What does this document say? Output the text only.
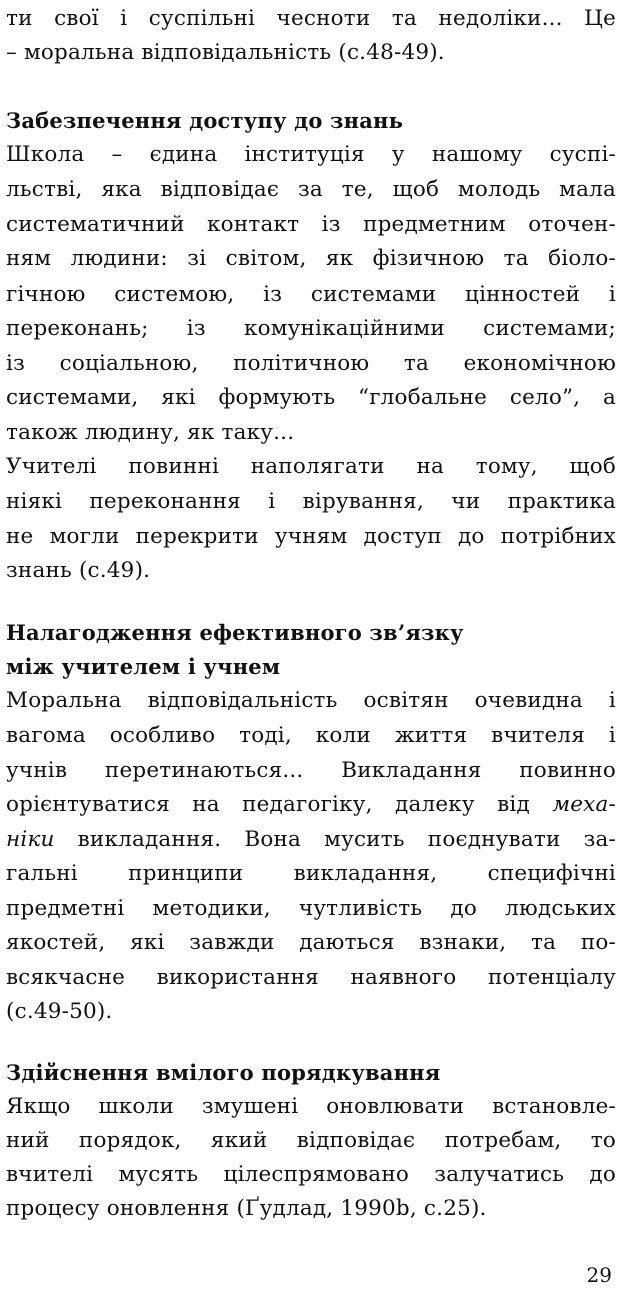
ти свої і суспільні чесноти та недоліки... Це
– моральна відповідальність (с.48-49).
Забезпечення доступу до знань
Школа – єдина інституція у нашому суспі-
льстві, яка відповідає за те, щоб молодь мала
систематичний контакт із предметним оточен-
ням людини: зі світом, як фізичною та біоло-
гічною системою, із системами цінностей і
переконань; із комунікаційними системами;
із соціальною, політичною та економічною
системами, які формують “глобальне село”, а
також людину, як таку...
Учителі повинні наполягати на тому, щоб
ніякі переконання і вірування, чи практика
не могли перекрити учням доступ до потрібних
знань (с.49).
Налагодження ефективного зв’язку
між учителем і учнем
Моральна відповідальність освітян очевидна і
вагома особливо тоді, коли життя вчителя і
учнів перетинаються... Викладання повинно
орієнтуватися на педагогіку, далеку від меха-
ніки викладання. Вона мусить поєднувати за-
гальні принципи викладання, специфічні
предметні методики, чутливість до людських
якостей, які завжди даються взнаки, та по-
всякчасне використання наявного потенціалу
(с.49-50).
Здійснення вмілого порядкування
Якщо школи змушені оновлювати встановле-
ний порядок, який відповідає потребам, то
вчителі мусять цілеспрямовано залучатись до
процесу оновлення (Ґудлад, 1990b, с.25).
29
